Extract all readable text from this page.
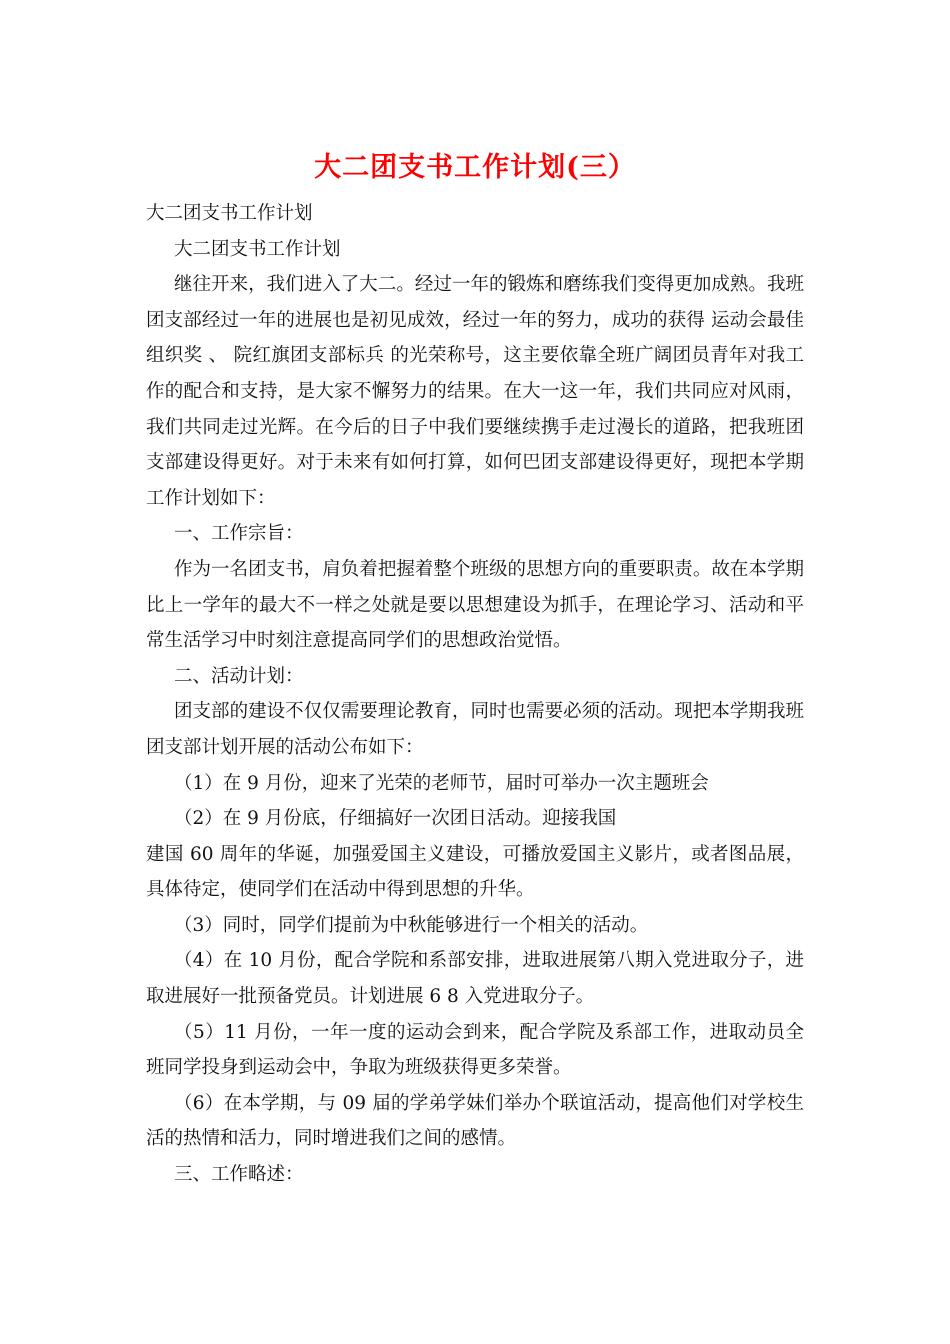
大二团支书工作计划(三）

大二团支书工作计划

大二团支书工作计划

继往开来，我们进入了大二。经过一年的锻炼和磨练我们变得更加成熟。我班团支部经过一年的进展也是初见成效，经过一年的努力，成功的获得 运动会最佳组织奖 、 院红旗团支部标兵 的光荣称号，这主要依靠全班广阔团员青年对我工作的配合和支持，是大家不懈努力的结果。在大一这一年，我们共同应对风雨，我们共同走过光辉。在今后的日子中我们要继续携手走过漫长的道路，把我班团支部建设得更好。对于未来有如何打算，如何巴团支部建设得更好，现把本学期工作计划如下：

一、工作宗旨：

作为一名团支书，肩负着把握着整个班级的思想方向的重要职责。故在本学期比上一学年的最大不一样之处就是要以思想建设为抓手，在理论学习、活动和平常生活学习中时刻注意提高同学们的思想政治觉悟。

二、活动计划：

团支部的建设不仅仅需要理论教育，同时也需要必须的活动。现把本学期我班团支部计划开展的活动公布如下：

（1）在 9 月份，迎来了光荣的老师节，届时可举办一次主题班会

（2）在 9 月份底，仔细搞好一次团日活动。迎接我国

建国 60 周年的华诞，加强爱国主义建设，可播放爱国主义影片，或者图品展，具体待定，使同学们在活动中得到思想的升华。

（3）同时，同学们提前为中秋能够进行一个相关的活动。

（4）在 10 月份，配合学院和系部安排，进取进展第八期入党进取分子，进取进展好一批预备党员。计划进展 6 8 入党进取分子。

（5）11 月份，一年一度的运动会到来，配合学院及系部工作，进取动员全班同学投身到运动会中，争取为班级获得更多荣誉。

（6）在本学期，与 09 届的学弟学妹们举办个联谊活动，提高他们对学校生活的热情和活力，同时增进我们之间的感情。

三、工作略述：
